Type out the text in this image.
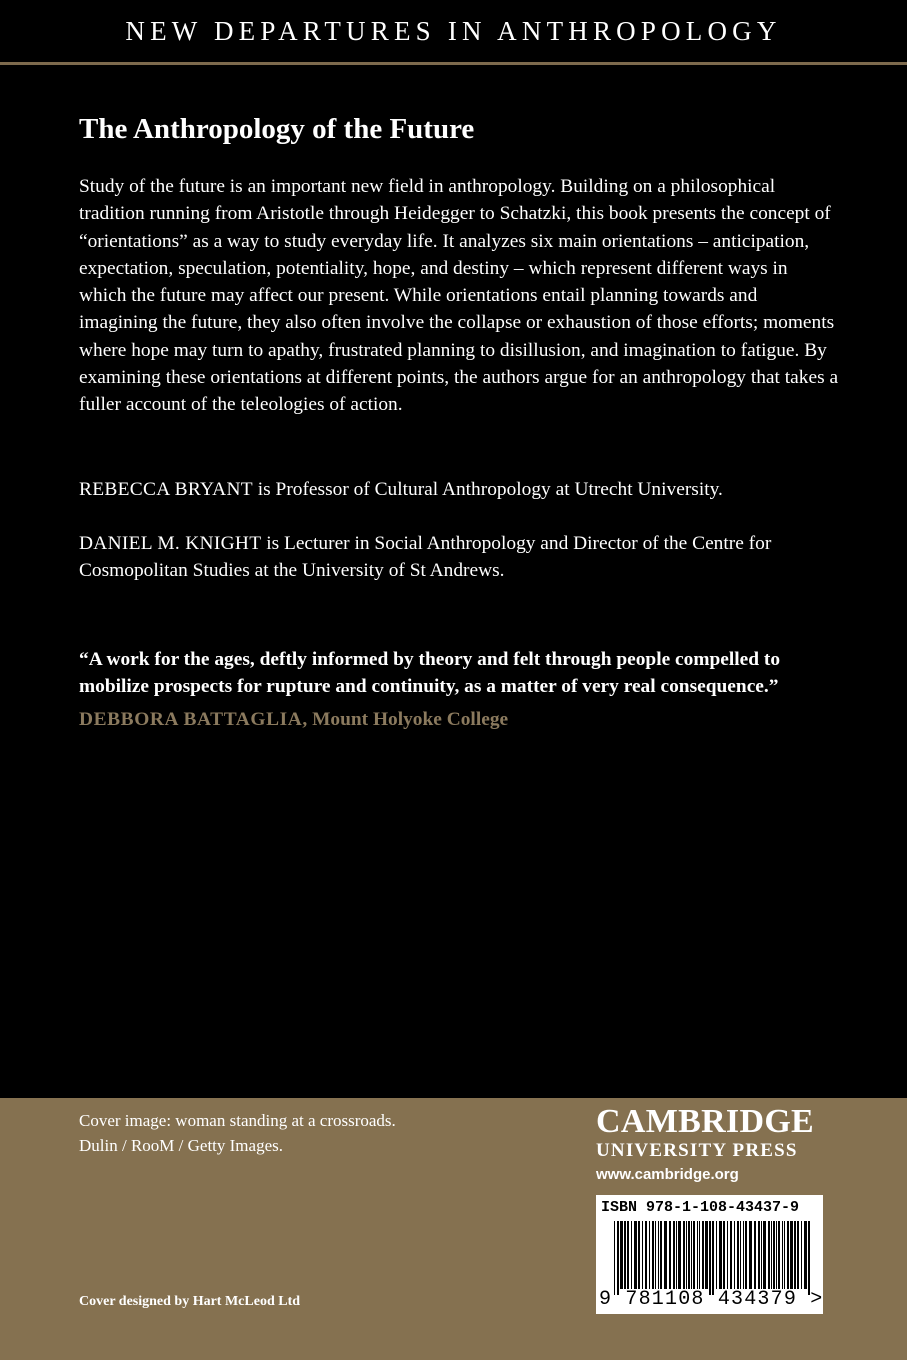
NEW DEPARTURES IN ANTHROPOLOGY
The Anthropology of the Future

Study of the future is an important new field in anthropology. Building on a philosophical tradition running from Aristotle through Heidegger to Schatzki, this book presents the concept of “orientations” as a way to study everyday life. It analyzes six main orientations – anticipation, expectation, speculation, potentiality, hope, and destiny – which represent different ways in which the future may affect our present. While orientations entail planning towards and imagining the future, they also often involve the collapse or exhaustion of those efforts; moments where hope may turn to apathy, frustrated planning to disillusion, and imagination to fatigue. By examining these orientations at different points, the authors argue for an anthropology that takes a fuller account of the teleologies of action.

REBECCA BRYANT is Professor of Cultural Anthropology at Utrecht University.

DANIEL M. KNIGHT is Lecturer in Social Anthropology and Director of the Centre for Cosmopolitan Studies at the University of St Andrews.

“A work for the ages, deftly informed by theory and felt through people compelled to mobilize prospects for rupture and continuity, as a matter of very real consequence.”

DEBBORA BATTAGLIA, Mount Holyoke College

Cover image: woman standing at a crossroads.
Dulin / RooM / Getty Images.

Cover designed by Hart McLeod Ltd

CAMBRIDGE
UNIVERSITY PRESS
www.cambridge.org

ISBN 978-1-108-43437-9

9 781108 434379 >
